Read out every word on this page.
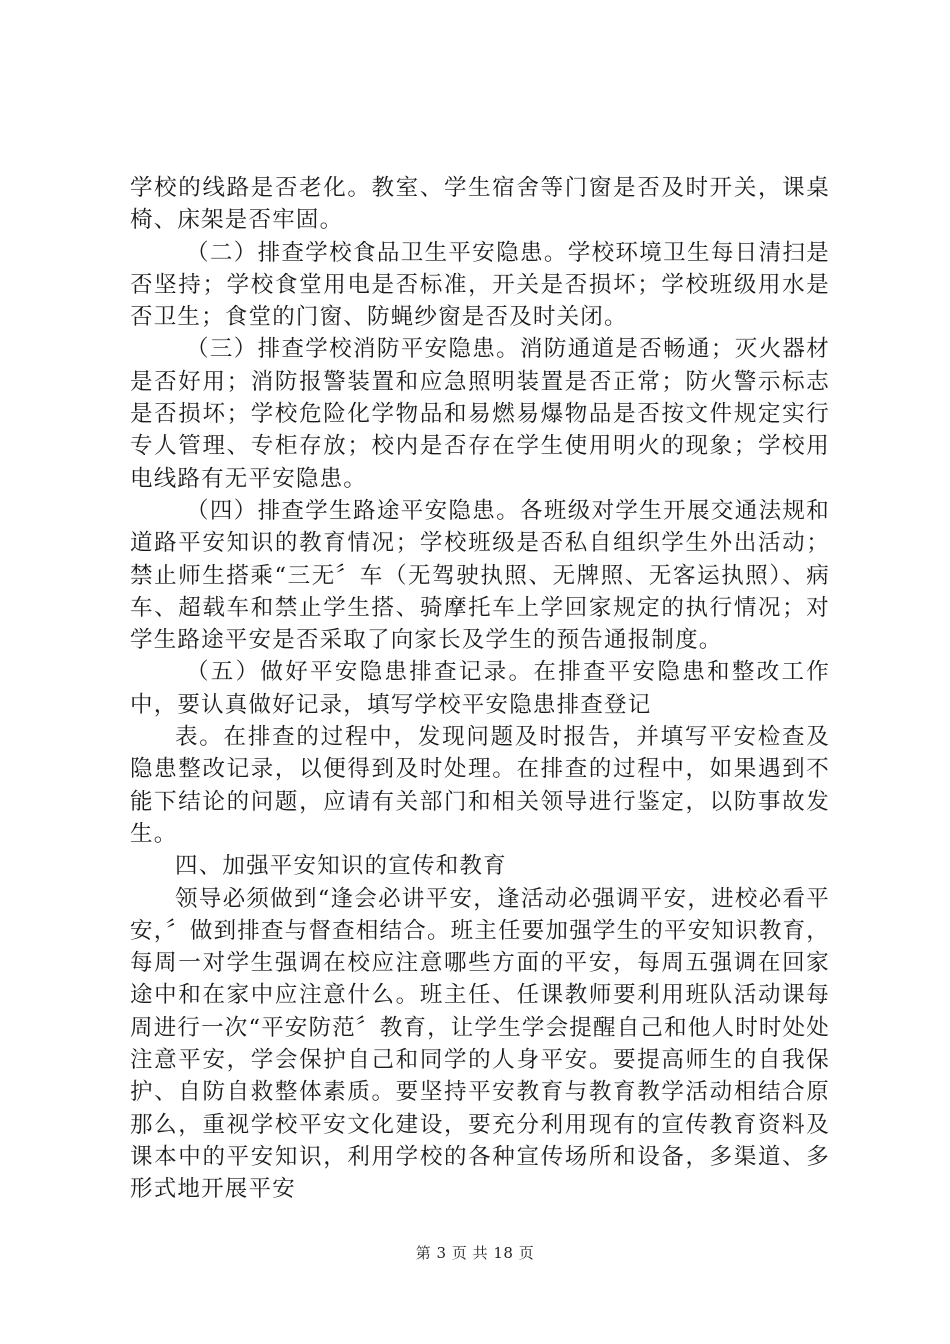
学校的线路是否老化。教室、学生宿舍等门窗是否及时开关，课桌椅、床架是否牢固。

（二）排查学校食品卫生平安隐患。学校环境卫生每日清扫是否坚持；学校食堂用电是否标准，开关是否损坏；学校班级用水是否卫生；食堂的门窗、防蝇纱窗是否及时关闭。

（三）排查学校消防平安隐患。消防通道是否畅通；灭火器材是否好用；消防报警装置和应急照明装置是否正常；防火警示标志是否损坏；学校危险化学物品和易燃易爆物品是否按文件规定实行专人管理、专柜存放；校内是否存在学生使用明火的现象；学校用电线路有无平安隐患。

（四）排查学生路途平安隐患。各班级对学生开展交通法规和道路平安知识的教育情况；学校班级是否私自组织学生外出活动；禁止师生搭乘“三无〞车（无驾驶执照、无牌照、无客运执照）、病车、超载车和禁止学生搭、骑摩托车上学回家规定的执行情况；对学生路途平安是否采取了向家长及学生的预告通报制度。

（五）做好平安隐患排查记录。在排查平安隐患和整改工作中，要认真做好记录，填写学校平安隐患排查登记

表。在排查的过程中，发现问题及时报告，并填写平安检查及隐患整改记录，以便得到及时处理。在排查的过程中，如果遇到不能下结论的问题，应请有关部门和相关领导进行鉴定，以防事故发生。

四、加强平安知识的宣传和教育

领导必须做到“逢会必讲平安，逢活动必强调平安，进校必看平安，〞做到排查与督查相结合。班主任要加强学生的平安知识教育，每周一对学生强调在校应注意哪些方面的平安，每周五强调在回家途中和在家中应注意什么。班主任、任课教师要利用班队活动课每周进行一次“平安防范〞教育，让学生学会提醒自己和他人时时处处注意平安，学会保护自己和同学的人身平安。要提高师生的自我保护、自防自救整体素质。要坚持平安教育与教育教学活动相结合原那么，重视学校平安文化建设，要充分利用现有的宣传教育资料及课本中的平安知识，利用学校的各种宣传场所和设备，多渠道、多形式地开展平安

第 3 页 共 18 页
